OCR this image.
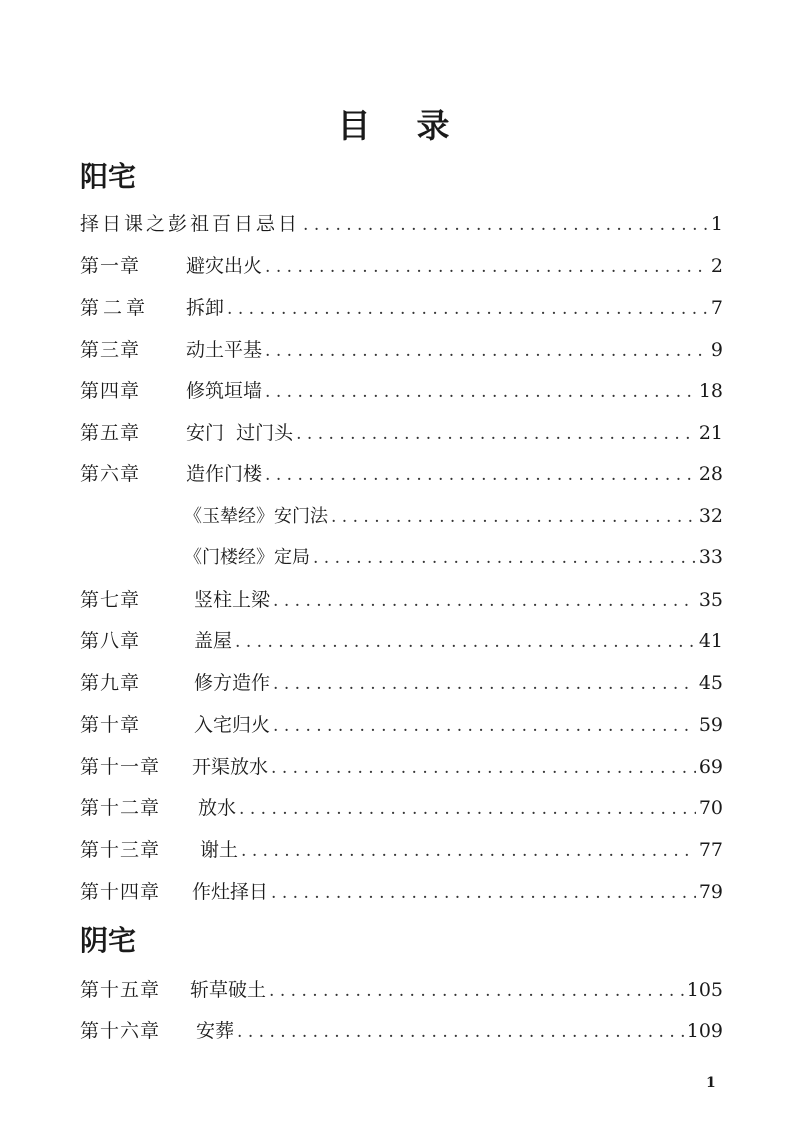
目 录
阳宅
择日课之彭祖百日忌日 . . .	1
第一章	避灾出火 . . .	2
第二章	拆卸 . . .	7
第三章	动土平基 . . .	9
第四章	修筑垣墙 . . .	18
第五章	安门  过门头 . . .	21
第六章	造作门楼 . . .	28
《玉辇经》安门法 . . .	32
《门楼经》定局 . . .	33
第七章	竖柱上梁 . . .	35
第八章	盖屋 . . .	41
第九章	修方造作 . . .	45
第十章	入宅归火 . . .	59
第十一章	开渠放水 . . .	69
第十二章	放水 . . .	70
第十三章	谢土 . . .	77
第十四章	作灶择日 . . .	79
阴宅
第十五章	斩草破土 . . .	105
第十六章	安葬 . . .	109
1
